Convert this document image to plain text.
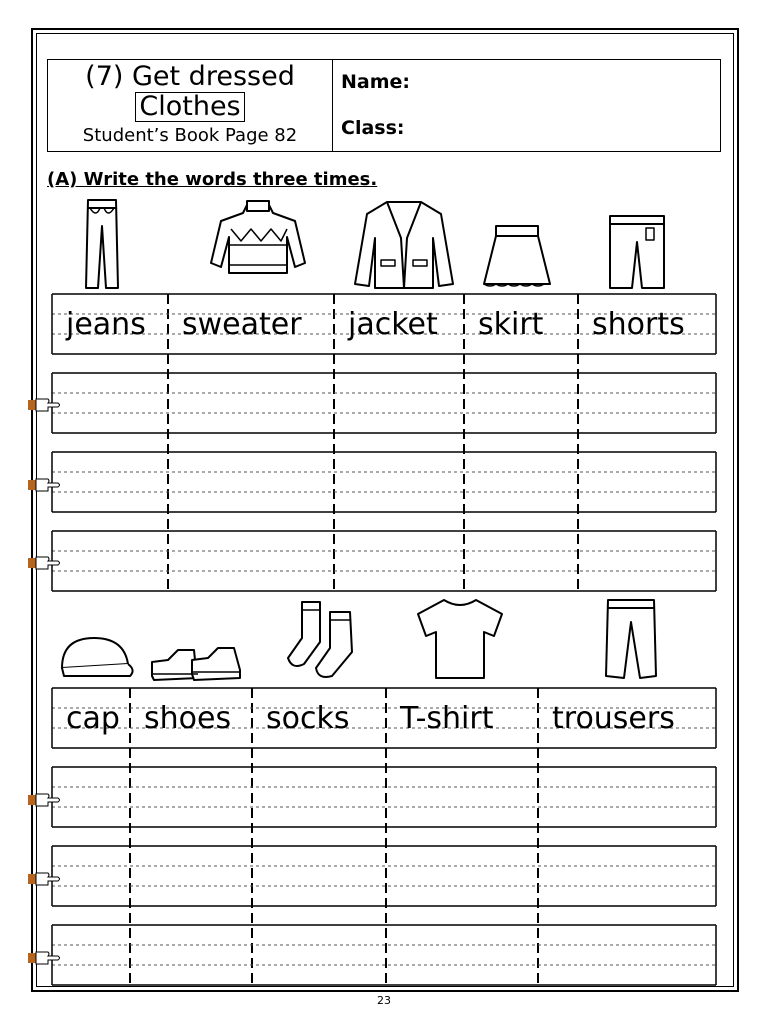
(7) Get dressed
Clothes
Student’s Book Page 82
Name:
Class:
(A) Write the words three times.
jeans sweater jacket skirt shorts
cap shoes socks T-shirt trousers
23
